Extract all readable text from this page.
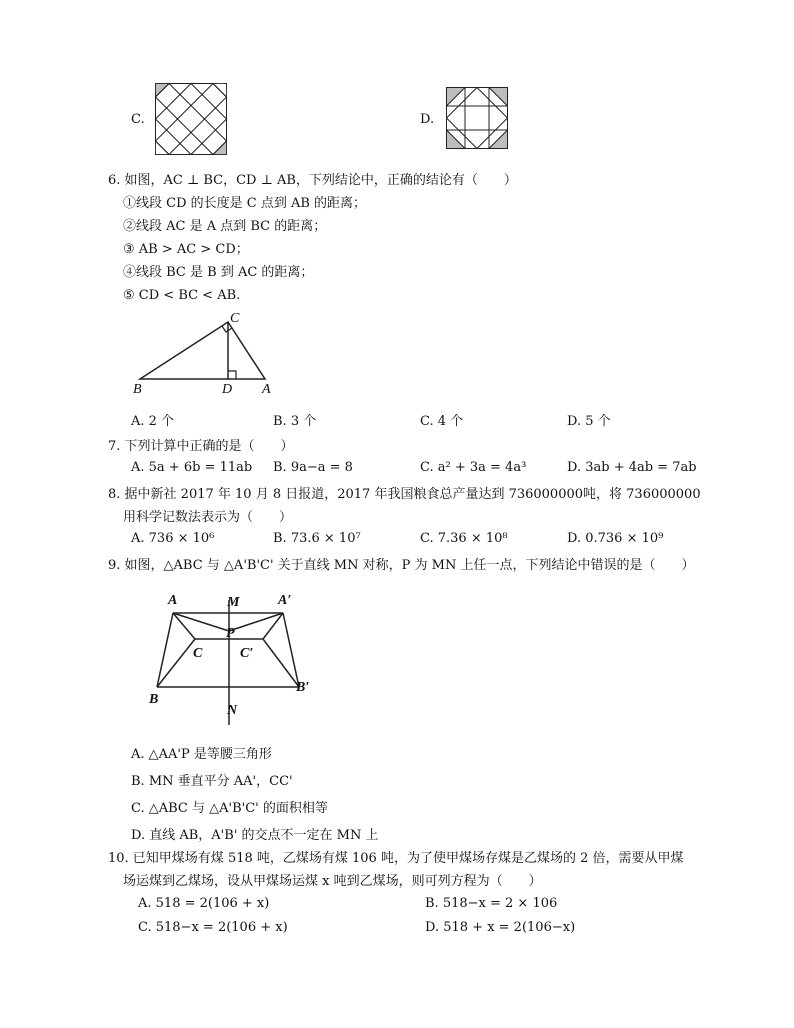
C.	D.
6. 如图，AC ⊥ BC，CD ⊥ AB，下列结论中，正确的结论有（　　）
①线段 CD 的长度是 C 点到 AB 的距离；
②线段 AC 是 A 点到 BC 的距离；
③ AB > AC > CD；
④线段 BC 是 B 到 AC 的距离；
⑤ CD < BC < AB.
B	D A
C
A. 2 个	B. 3 个	C. 4 个	D. 5 个
7. 下列计算中正确的是（　　）
A. 5a + 6b = 11ab B. 9a−a = 8	C. a² + 3a = 4a³	D. 3ab + 4ab = 7ab
8. 据中新社 2017 年 10 月 8 日报道，2017 年我国粮食总产量达到 736000000吨，将 736000000
用科学记数法表示为（　　）
A. 736 × 10⁶	B. 73.6 × 10⁷	C. 7.36 × 10⁸	D. 0.736 × 10⁹
9. 如图，△ABC 与 △A'B'C' 关于直线 MN 对称，P 为 MN 上任一点，下列结论中错误的是（　　）
A	M	A′
P
C	C′
B
B′
N
A. △AA'P 是等腰三角形
B. MN 垂直平分 AA'，CC'
C. △ABC 与 △A'B'C' 的面积相等
D. 直线 AB，A'B' 的交点不一定在 MN 上
10. 已知甲煤场有煤 518 吨，乙煤场有煤 106 吨，为了使甲煤场存煤是乙煤场的 2 倍，需要从甲煤
场运煤到乙煤场，设从甲煤场运煤 x 吨到乙煤场，则可列方程为（　　）
A. 518 = 2(106 + x)	B. 518−x = 2 × 106
C. 518−x = 2(106 + x)	D. 518 + x = 2(106−x)
